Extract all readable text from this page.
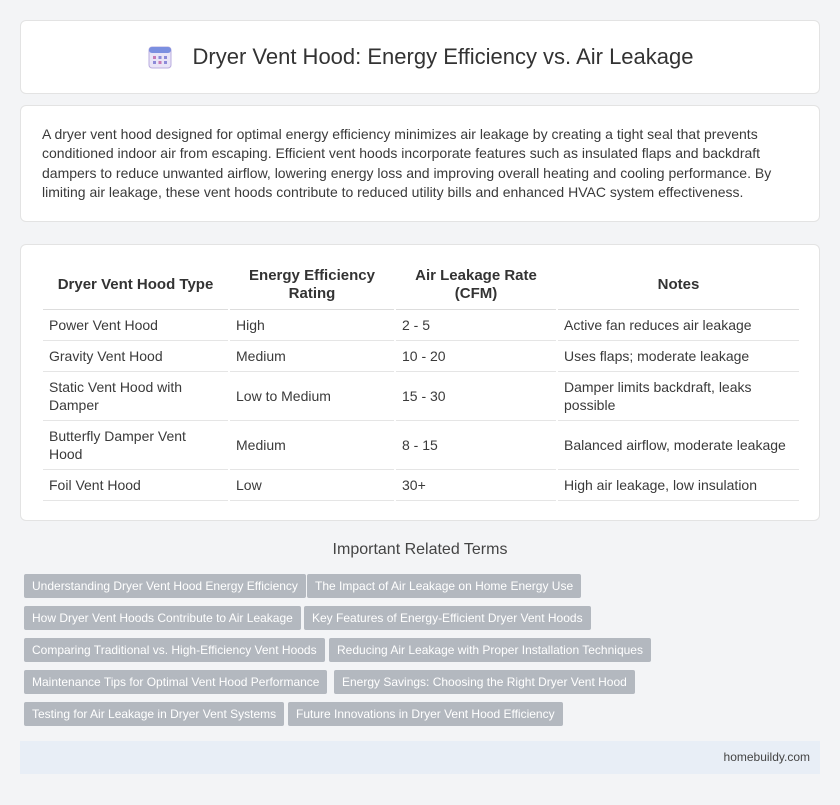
Dryer Vent Hood: Energy Efficiency vs. Air Leakage

A dryer vent hood designed for optimal energy efficiency minimizes air leakage by creating a tight seal that prevents conditioned indoor air from escaping. Efficient vent hoods incorporate features such as insulated flaps and backdraft dampers to reduce unwanted airflow, lowering energy loss and improving overall heating and cooling performance. By limiting air leakage, these vent hoods contribute to reduced utility bills and enhanced HVAC system effectiveness.

Dryer Vent Hood Type	Energy Efficiency Rating	Air Leakage Rate (CFM)	Notes
Power Vent Hood	High	2 - 5	Active fan reduces air leakage
Gravity Vent Hood	Medium	10 - 20	Uses flaps; moderate leakage
Static Vent Hood with Damper	Low to Medium	15 - 30	Damper limits backdraft, leaks possible
Butterfly Damper Vent Hood	Medium	8 - 15	Balanced airflow, moderate leakage
Foil Vent Hood	Low	30+	High air leakage, low insulation
Important Related Terms
Understanding Dryer Vent Hood Energy Efficiency	The Impact of Air Leakage on Home Energy Use
How Dryer Vent Hoods Contribute to Air Leakage	Key Features of Energy-Efficient Dryer Vent Hoods
Comparing Traditional vs. High-Efficiency Vent Hoods	Reducing Air Leakage with Proper Installation Techniques
Maintenance Tips for Optimal Vent Hood Performance	Energy Savings: Choosing the Right Dryer Vent Hood
Testing for Air Leakage in Dryer Vent Systems	Future Innovations in Dryer Vent Hood Efficiency
homebuildy.com
